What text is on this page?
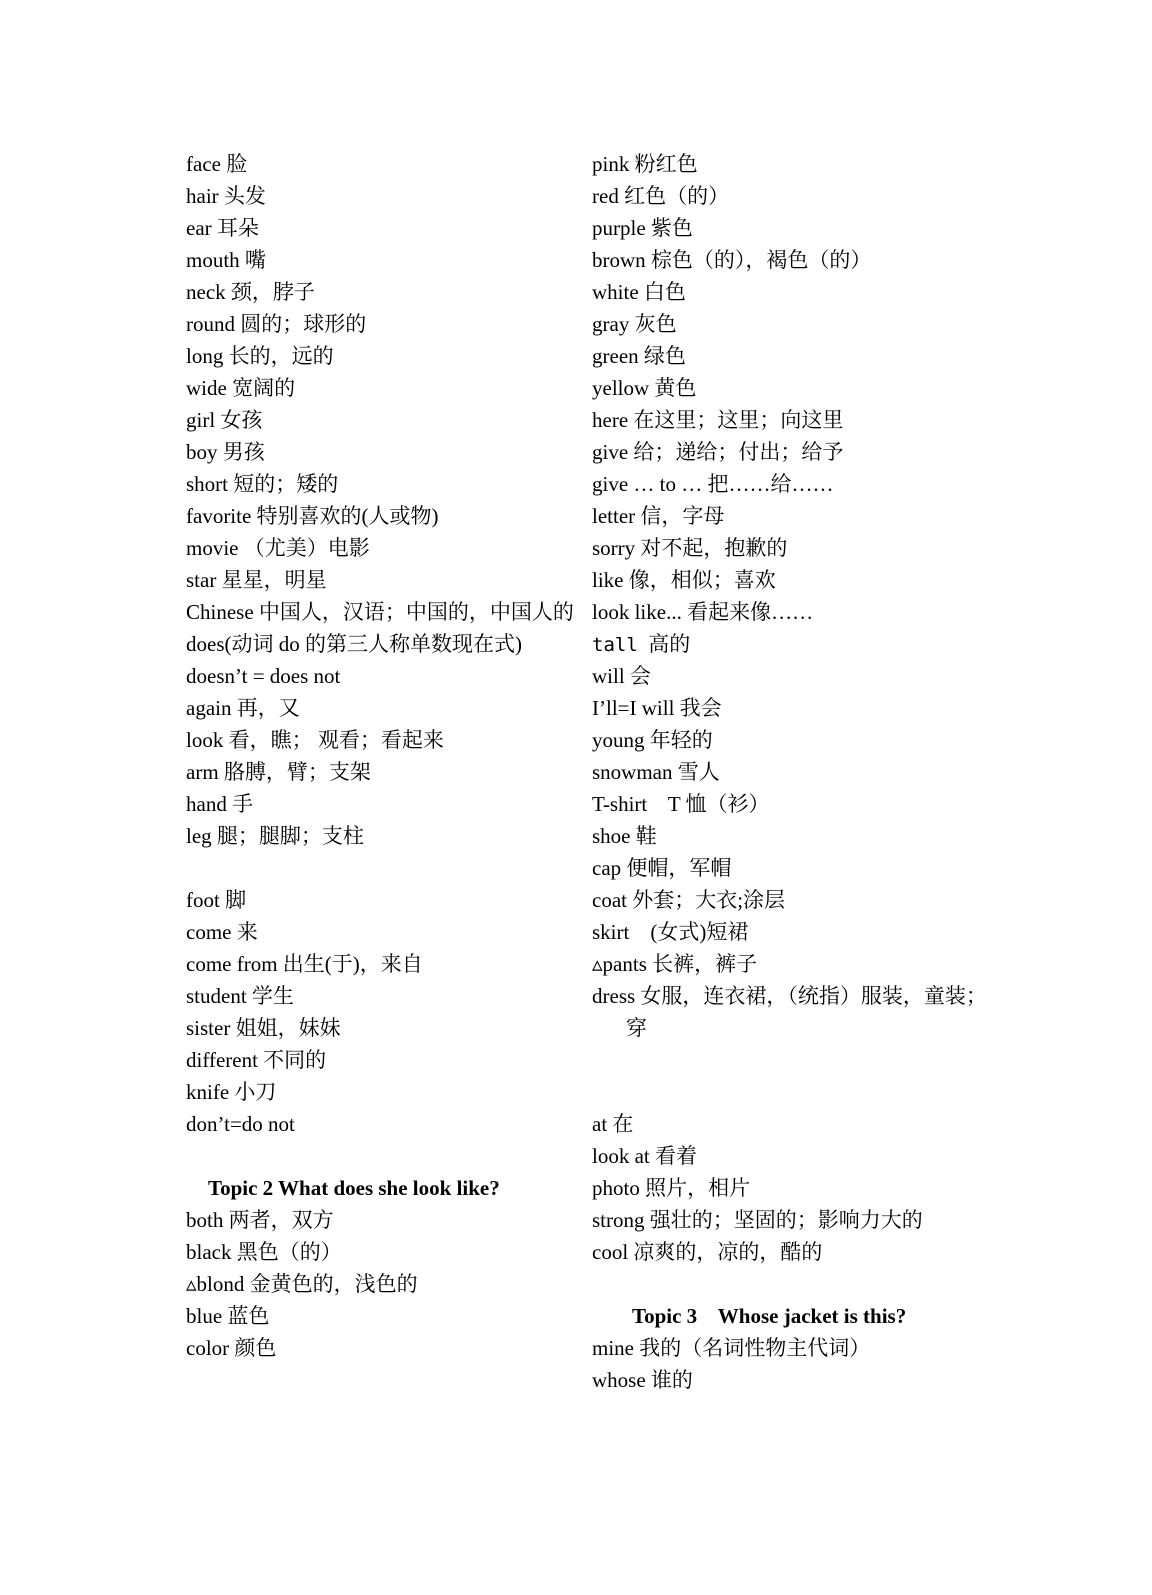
face 脸
hair 头发
ear 耳朵
mouth 嘴
neck 颈，脖子
round 圆的；球形的
long 长的，远的
wide 宽阔的
girl 女孩
boy 男孩
short 短的；矮的
favorite 特别喜欢的(人或物)
movie （尤美）电影
star 星星，明星
Chinese 中国人，汉语；中国的，中国人的
does(动词 do 的第三人称单数现在式)
doesn’t = does not
again 再，又
look 看，瞧； 观看；看起来
arm 胳膊，臂；支架
hand 手
leg 腿；腿脚；支柱
foot 脚
come 来
come from 出生(于)，来自
student 学生
sister 姐姐，妹妹
different 不同的
knife 小刀
don’t=do not
Topic 2 What does she look like?
both 两者，双方
black 黑色（的）
▵blond 金黄色的，浅色的
blue 蓝色
color 颜色
pink 粉红色
red 红色（的）
purple 紫色
brown 棕色（的），褐色（的）
white 白色
gray 灰色
green 绿色
yellow 黄色
here 在这里；这里；向这里
give 给；递给；付出；给予
give … to … 把……给……
letter 信，字母
sorry 对不起，抱歉的
like 像，相似；喜欢
look like... 看起来像……
tall  高的
will 会
I’ll=I will 我会
young 年轻的
snowman 雪人
T-shirt    T 恤（衫）
shoe 鞋
cap 便帽，军帽
coat 外套；大衣;涂层
skirt    (女式)短裙
▵pants 长裤，裤子
dress 女服，连衣裙，（统指）服装，童装；穿
at 在
look at 看着
photo 照片，相片
strong 强壮的；坚固的；影响力大的
cool 凉爽的，凉的，酷的
Topic 3    Whose jacket is this?
mine 我的（名词性物主代词）
whose 谁的
